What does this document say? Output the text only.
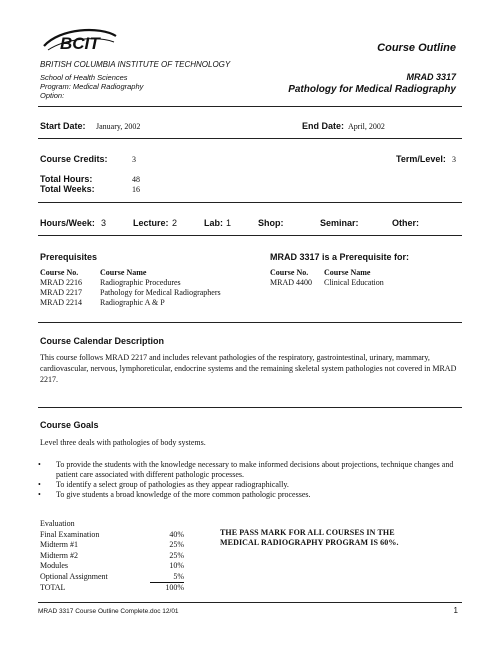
BCIT	Course Outline
BRITISH COLUMBIA INSTITUTE OF TECHNOLOGY
School of Health Sciences
Program: Medical Radiography
Option:
MRAD 3317
Pathology for Medical Radiography
Start Date: January, 2002	End Date: April, 2002
Course Credits:	3	Term/Level: 3
Total Hours:	48
Total Weeks:	16
Hours/Week: 3	Lecture: 2	Lab: 1	Shop:	Seminar:	Other:
Prerequisites
Course No.	Course Name
MRAD 2216	Radiographic Procedures
MRAD 2217	Pathology for Medical Radiographers
MRAD 2214	Radiographic A & P
MRAD 3317 is a Prerequisite for:
Course No.	Course Name
MRAD 4400	Clinical Education
Course Calendar Description
This course follows MRAD 2217 and includes relevant pathologies of the respiratory, gastrointestinal, urinary, mammary, cardiovascular, nervous, lymphoreticular, endocrine systems and the remaining skeletal system pathologies not covered in MRAD 2217.
Course Goals
Level three deals with pathologies of body systems.
•	To provide the students with the knowledge necessary to make informed decisions about projections, technique changes and patient care associated with different pathologic processes.
•	To identify a select group of pathologies as they appear radiographically.
•	To give students a broad knowledge of the more common pathologic processes.
Evaluation
Final Examination	40%
Midterm #1	25%
Midterm #2	25%
Modules	10%
Optional Assignment	5%
TOTAL	100%
THE PASS MARK FOR ALL COURSES IN THE
MEDICAL RADIOGRAPHY PROGRAM IS 60%.
MRAD 3317 Course Outline Complete.doc 12/01	1
